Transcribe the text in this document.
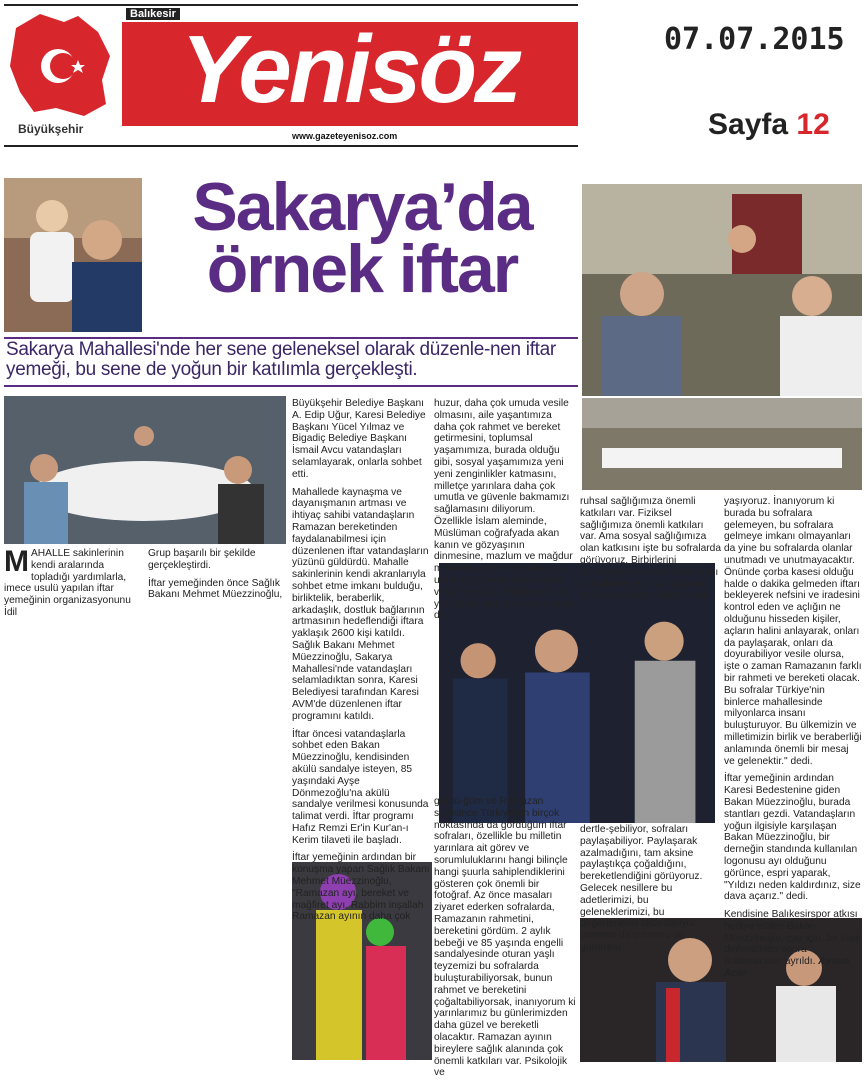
Yenisöz
Balıkesir
Büyükşehir	www.gazeteyenisoz.com
07.07.2015
Sayfa 12
Sakarya’da
örnek iftar
Sakarya Mahallesi'nde her sene geleneksel olarak düzenle-nen iftar yemeği, bu sene de yoğun bir katılımla gerçekleşti.
M AHALLE sakinlerinin kendi aralarında topladığı yardımlarla, imece usulü yapılan iftar yemeğinin organizasyonunu İdil

Grup başarılı bir şekilde gerçekleştirdi.

İftar yemeğinden önce Sağlık Bakanı Mehmet Müezzinoğlu,

Büyükşehir Belediye Başkanı A. Edip Uğur, Karesi Belediye Başkanı Yücel Yılmaz ve Bigadiç Belediye Başkanı İsmail Avcu vatandaşları selamlayarak, onlarla sohbet etti.

Mahallede kaynaşma ve dayanışmanın artması ve ihtiyaç sahibi vatandaşların Ramazan bereketinden faydalanabilmesi için düzenlenen iftar vatandaşların yüzünü güldürdü. Mahalle sakinlerinin kendi akranlarıyla sohbet etme imkanı bulduğu, birliktelik, beraberlik, arkadaşlık, dostluk bağlarının artmasının hedeflendiği iftara yaklaşık 2600 kişi katıldı. Sağlık Bakanı Mehmet Müezzinoğlu, Sakarya Mahallesi'nde vatandaşları selamladıktan sonra, Karesi Belediyesi tarafından Karesi AVM'de düzenlenen iftar programını katıldı.

İftar öncesi vatandaşlarla sohbet eden Bakan Müezzinoğlu, kendisinden akülü sandalye isteyen, 85 yaşındaki Ayşe Dönmezoğlu'na akülü sandalye verilmesi konusunda talimat verdi. İftar programı Hafız Remzi Er'in Kur'an-ı Kerim tilaveti ile başladı.

İftar yemeğinin ardından bir konuşma yapan Sağlık Bakanı Mehmet Müezzinoğlu, "Ramazan ayı, bereket ve mağfiret ayı. Rabbim inşallah Ramazan ayının daha çok

huzur, daha çok umuda vesile olmasını, aile yaşantımıza daha çok rahmet ve bereket getirmesini, toplumsal yaşamımıza, burada olduğu gibi, sosyal yaşamımıza yeni yeni zenginlikler katmasını, milletçe yarınlara daha çok umutla ve güvenle bakmamızı sağlamasını diliyorum. Özellikle İslam aleminde, Müslüman coğrafyada akan kanın ve gözyaşının dinmesine, mazlum ve mağdur milletlerin yarınlara daha çok umut ve güvenle bakmasına vesile olmasını Rabbimden ni-yaz ediyo-rum. Bu akşam bura-da

gördü-ğüm ve Ramazan süresince Türkiye'nin birçok noktasında da gördüğüm iftar sofraları, özellikle bu milletin yarınlara ait görev ve sorumluluklarını hangi bilinçle hangi şuurla sahiplendiklerini gösteren çok önemli bir fotoğraf. Az önce masaları ziyaret ederken sofralarda, Ramazanın rahmetini, bereketini gördüm. 2 aylık bebeği ve 85 yaşında engelli sandalyesinde oturan yaşlı teyzemizi bu sofralarda buluşturabiliyorsak, bunun rahmet ve bereketini çoğaltabiliyorsak, inanıyorum ki yarınlarımız bu günlerimizden daha güzel ve bereketli olacaktır. Ramazan ayının bireylere sağlık alanında çok önemli katkıları var. Psikolojik ve

ruhsal sağlığımıza önemli katkıları var. Fiziksel sağlığımıza önemli katkıları var. Ama sosyal sağlığımıza olan katkısını işte bu sofralarda görüyoruz. Birbirlerini tanımayan binlerce insan, aynı mahallenin aynı so-kağında, farklı masalarda oturabi-liyor,

dertle-şebiliyor, sofraları paylaşabiliyor. Paylaşarak azalmadığını, tam aksine paylaştıkça çoğaldığını, bereketlendiğini görüyoruz. Gelecek nesillere bu adetlerimizi, bu geleneklerimizi, bu değerlerimizi aktarabiliyor olmanın da onurunu ve gururunu

yaşıyoruz. İnanıyorum ki burada bu sofralara gelemeyen, bu sofralara gelmeye imkanı olmayanları da yine bu sofralarda olanlar unutmadı ve unutmayacaktır. Önünde çorba kasesi olduğu halde o dakika gelmeden iftarı bekleyerek nefsini ve iradesini kontrol eden ve açlığın ne olduğunu hisseden kişiler, açların halini anlayarak, onları da paylaşarak, onları da doyurabiliyor vesile olursa, işte o zaman Ramazanın farklı bir rahmeti ve bereketi olacak. Bu sofralar Türkiye'nin binlerce mahallesinde milyonlarca insanı buluşturuyor. Bu ülkemizin ve milletimizin birlik ve beraberliği anlamında önemli bir mesaj ve gelenektir." dedi.

İftar yemeğinin ardından Karesi Bedestenine giden Bakan Müezzinoğlu, burada stantları gezdi. Vatandaşların yoğun ilgisiyle karşılaşan Bakan Müezzinoğlu, bir derneğin standında kullanılan logonusu ayı olduğunu görünce, espri yaparak, "Yıldızı neden kaldırdınız, size dava açarız." dedi.

Kendisine Balıkesirspor atkısı hediye edilen Bakan Müezzinoğlu, çay için, bir süre dinlendikten sonra Balıkesir'den ayrıldı. Aysun Acar
